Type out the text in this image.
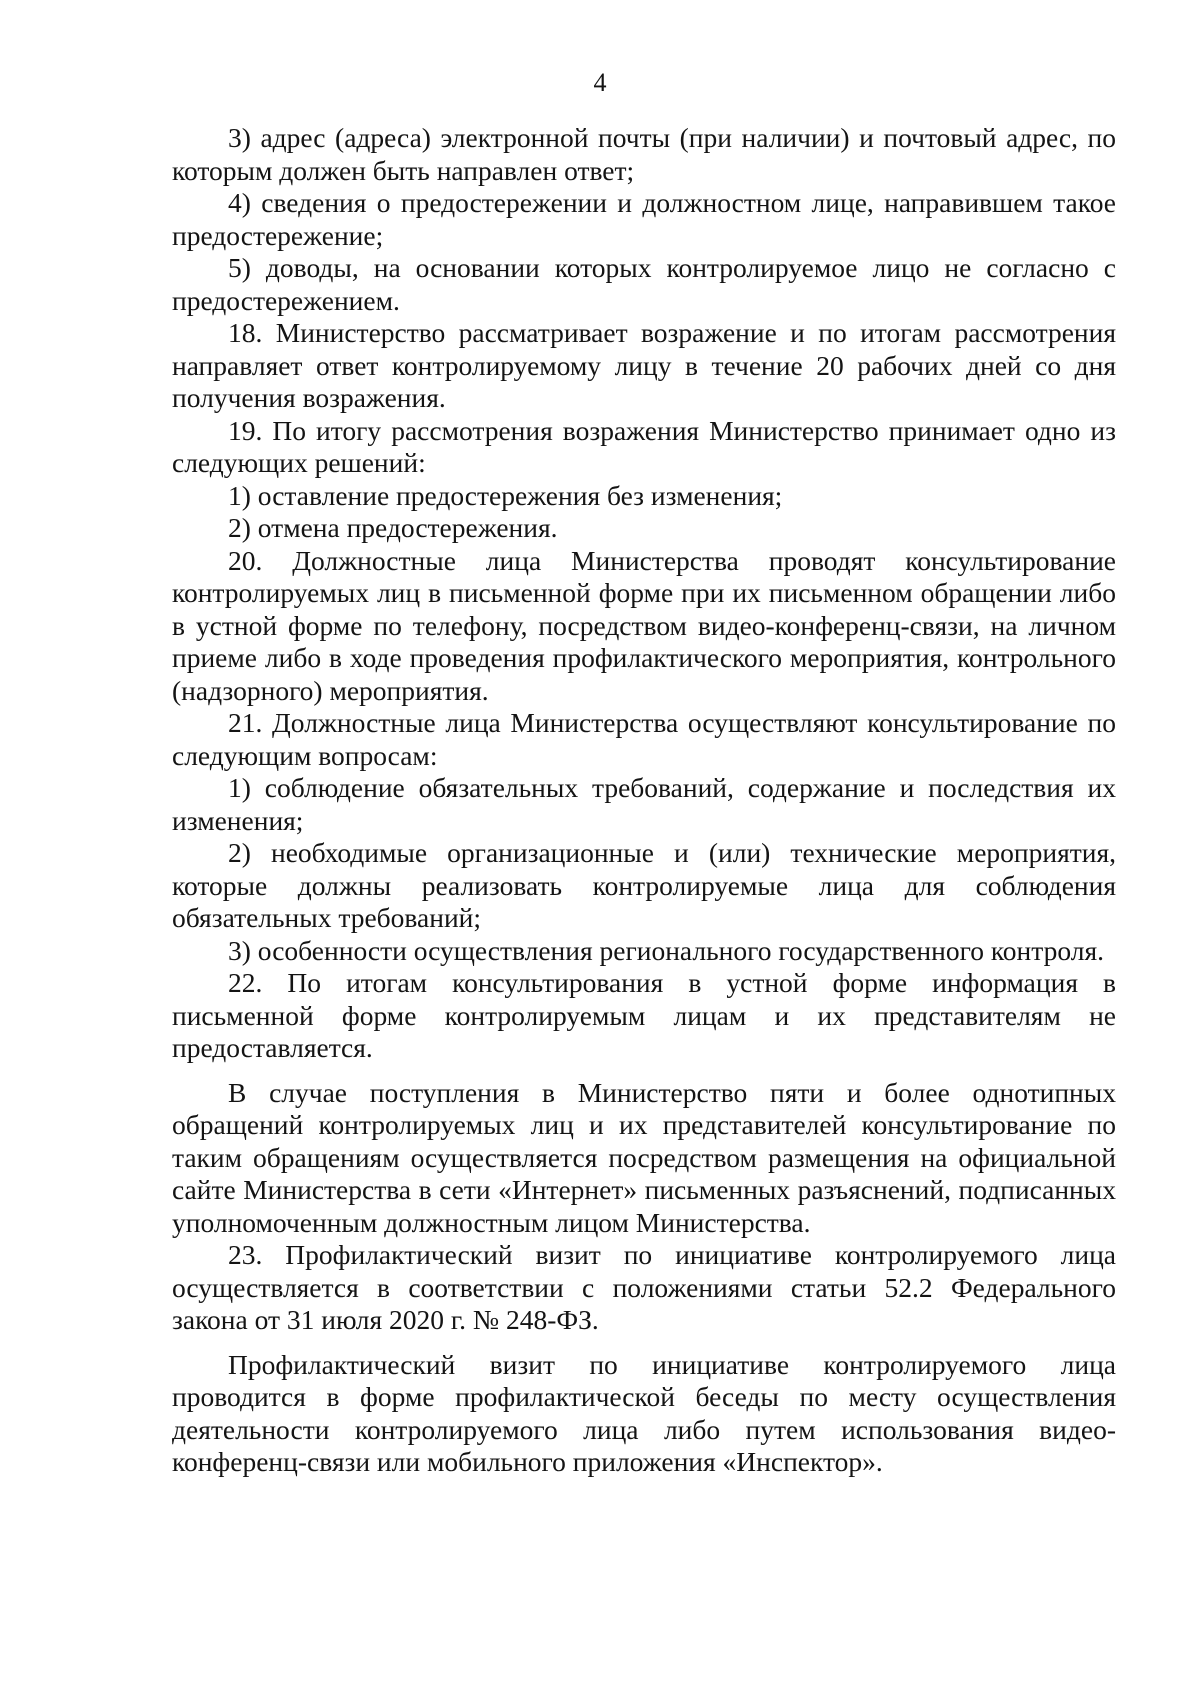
4

3) адрес (адреса) электронной почты (при наличии) и почтовый адрес, по которым должен быть направлен ответ;

4) сведения о предостережении и должностном лице, направившем такое предостережение;

5) доводы, на основании которых контролируемое лицо не согласно с предостережением.

18. Министерство рассматривает возражение и по итогам рассмотрения направляет ответ контролируемому лицу в течение 20 рабочих дней со дня получения возражения.

19. По итогу рассмотрения возражения Министерство принимает одно из следующих решений:

1) оставление предостережения без изменения;

2) отмена предостережения.

20. Должностные лица Министерства проводят консультирование контролируемых лиц в письменной форме при их письменном обращении либо в устной форме по телефону, посредством видео-конференц-связи, на личном приеме либо в ходе проведения профилактического мероприятия, контрольного (надзорного) мероприятия.

21. Должностные лица Министерства осуществляют консультирование по следующим вопросам:

1) соблюдение обязательных требований, содержание и последствия их изменения;

2) необходимые организационные и (или) технические мероприятия, которые должны реализовать контролируемые лица для соблюдения обязательных требований;

3) особенности осуществления регионального государственного контроля.

22. По итогам консультирования в устной форме информация в письменной форме контролируемым лицам и их представителям не предоставляется.

В случае поступления в Министерство пяти и более однотипных обращений контролируемых лиц и их представителей консультирование по таким обращениям осуществляется посредством размещения на официальной сайте Министерства в сети «Интернет» письменных разъяснений, подписанных уполномоченным должностным лицом Министерства.

23. Профилактический визит по инициативе контролируемого лица осуществляется в соответствии с положениями статьи 52.2 Федерального закона от 31 июля 2020 г. № 248-ФЗ.

Профилактический визит по инициативе контролируемого лица проводится в форме профилактической беседы по месту осуществления деятельности контролируемого лица либо путем использования видео-конференц-связи или мобильного приложения «Инспектор».
